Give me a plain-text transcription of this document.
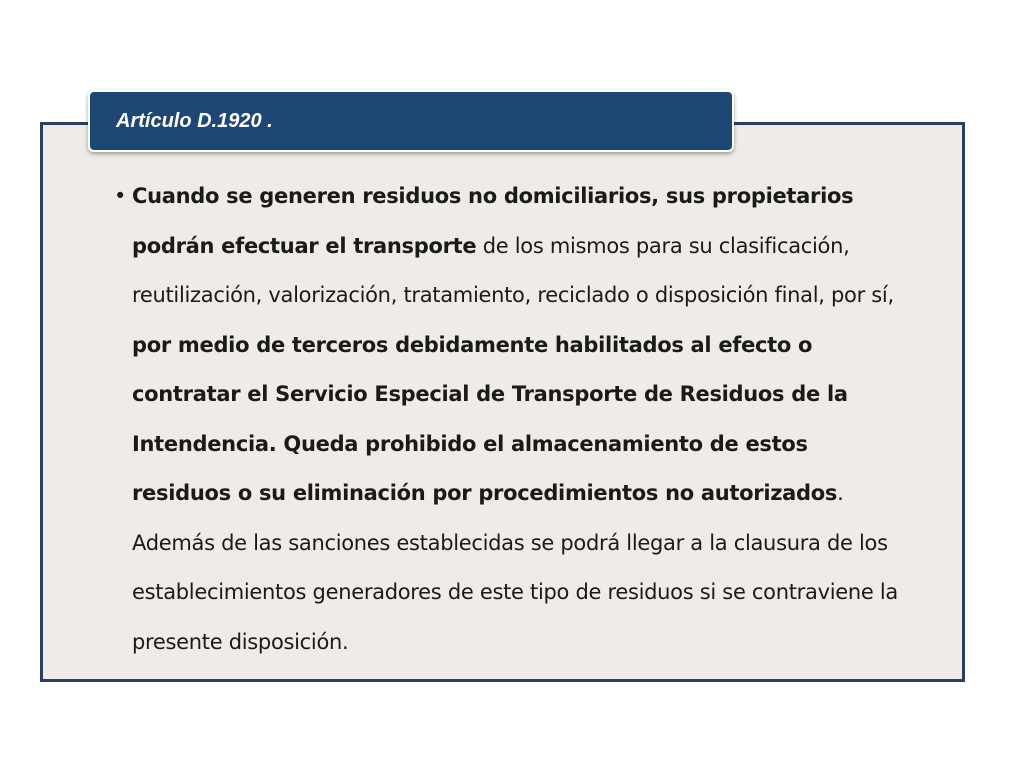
Artículo D.1920 .
• Cuando se generen residuos no domiciliarios, sus propietarios podrán efectuar el transporte de los mismos para su clasificación, reutilización, valorización, tratamiento, reciclado o disposición final, por sí, por medio de terceros debidamente habilitados al efecto o contratar el Servicio Especial de Transporte de Residuos de la Intendencia. Queda prohibido el almacenamiento de estos residuos o su eliminación por procedimientos no autorizados. Además de las sanciones establecidas se podrá llegar a la clausura de los establecimientos generadores de este tipo de residuos si se contraviene la presente disposición.
